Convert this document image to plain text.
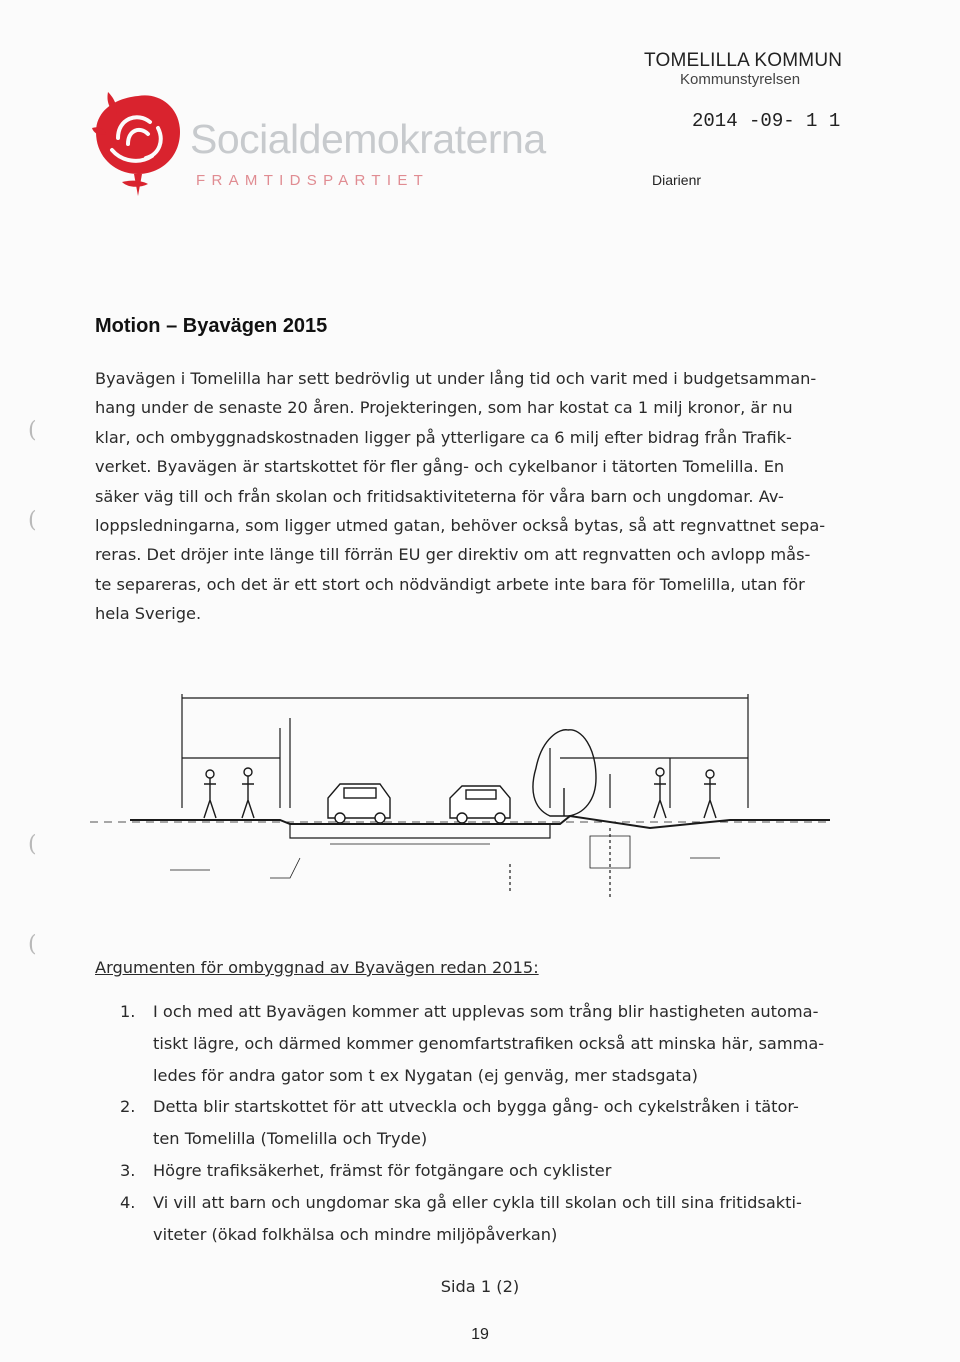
Socialdemokraterna
FRAMTIDSPARTIET
TOMELILLA KOMMUN
Kommunstyrelsen
2014 -09- 1 1
Diarienr
Motion – Byavägen 2015
Byavägen i Tomelilla har sett bedrövlig ut under lång tid och varit med i budgetsamman-
hang under de senaste 20 åren. Projekteringen, som har kostat ca 1 milj kronor, är nu
klar, och ombyggnadskostnaden ligger på ytterligare ca 6 milj efter bidrag från Trafik-
verket. Byavägen är startskottet för fler gång- och cykelbanor i tätorten Tomelilla. En
säker väg till och från skolan och fritidsaktiviteterna för våra barn och ungdomar. Av-
loppsledningarna, som ligger utmed gatan, behöver också bytas, så att regnvattnet sepa-
reras. Det dröjer inte länge till förrän EU ger direktiv om att regnvatten och avlopp mås-
te separeras, och det är ett stort och nödvändigt arbete inte bara för Tomelilla, utan för
hela Sverige.
Argumenten för ombyggnad av Byavägen redan 2015:
1. I och med att Byavägen kommer att upplevas som trång blir hastigheten automa-
tiskt lägre, och därmed kommer genomfartstrafiken också att minska här, samma-
ledes för andra gator som t ex Nygatan (ej genväg, mer stadsgata)
2. Detta blir startskottet för att utveckla och bygga gång- och cykelstråken i tätor-
ten Tomelilla (Tomelilla och Tryde)
3. Högre trafiksäkerhet, främst för fotgängare och cyklister
4. Vi vill att barn och ungdomar ska gå eller cykla till skolan och till sina fritidsakti-
viteter (ökad folkhälsa och mindre miljöpåverkan)
Sida 1 (2)
19
(
(
(
(
